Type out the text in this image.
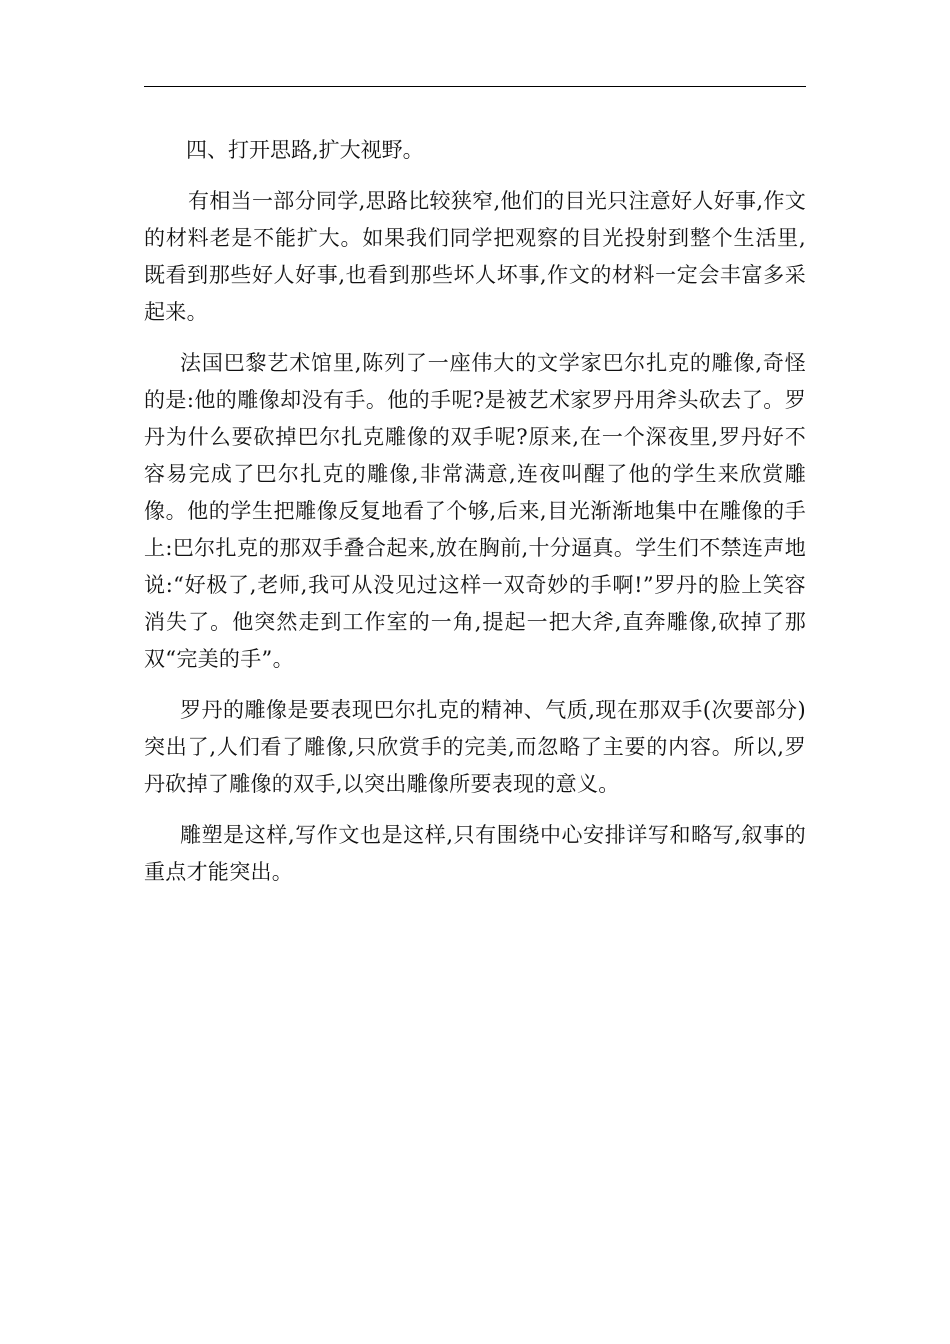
四、打开思路,扩大视野。

有相当一部分同学,思路比较狭窄,他们的目光只注意好人好事,作文的材料老是不能扩大。如果我们同学把观察的目光投射到整个生活里,既看到那些好人好事,也看到那些坏人坏事,作文的材料一定会丰富多采起来。

法国巴黎艺术馆里,陈列了一座伟大的文学家巴尔扎克的雕像,奇怪的是:他的雕像却没有手。他的手呢?是被艺术家罗丹用斧头砍去了。罗丹为什么要砍掉巴尔扎克雕像的双手呢?原来,在一个深夜里,罗丹好不容易完成了巴尔扎克的雕像,非常满意,连夜叫醒了他的学生来欣赏雕像。他的学生把雕像反复地看了个够,后来,目光渐渐地集中在雕像的手上:巴尔扎克的那双手叠合起来,放在胸前,十分逼真。学生们不禁连声地说:“好极了,老师,我可从没见过这样一双奇妙的手啊!”罗丹的脸上笑容消失了。他突然走到工作室的一角,提起一把大斧,直奔雕像,砍掉了那双“完美的手”。

罗丹的雕像是要表现巴尔扎克的精神、气质,现在那双手(次要部分)突出了,人们看了雕像,只欣赏手的完美,而忽略了主要的内容。所以,罗丹砍掉了雕像的双手,以突出雕像所要表现的意义。

雕塑是这样,写作文也是这样,只有围绕中心安排详写和略写,叙事的重点才能突出。
